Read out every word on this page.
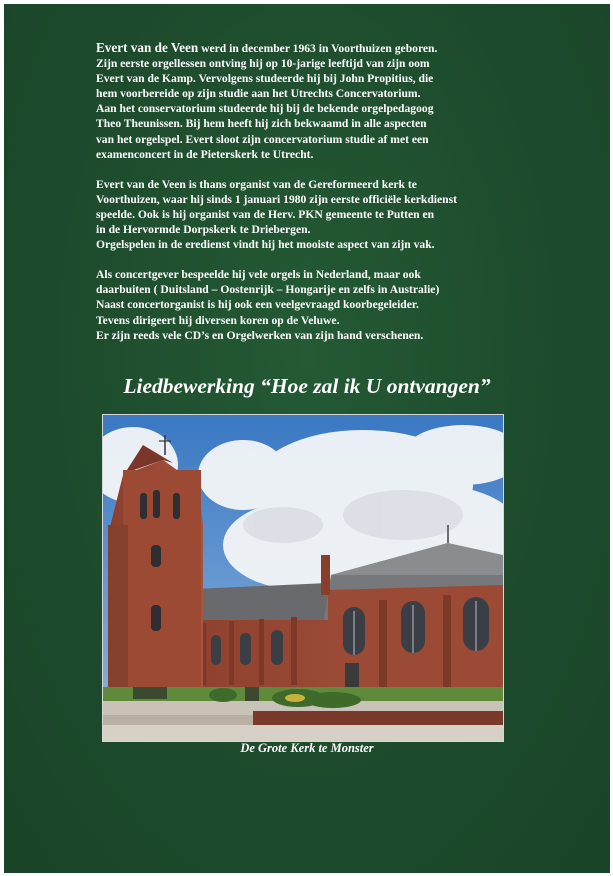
Evert van de Veen werd in december 1963 in Voorthuizen geboren.
Zijn eerste orgellessen ontving hij op 10-jarige leeftijd van zijn oom
Evert van de Kamp. Vervolgens studeerde hij bij John Propitius, die
hem voorbereide op zijn studie aan het Utrechts Concervatorium.
Aan het conservatorium studeerde hij bij de bekende orgelpedagoog
Theo Theunissen. Bij hem heeft hij zich bekwaamd in alle aspecten
van het orgelspel. Evert sloot zijn concervatorium studie af met een
examenconcert in de Pieterskerk te Utrecht.

Evert van de Veen is thans organist van de Gereformeerd kerk te
Voorthuizen, waar hij sinds 1 januari 1980 zijn eerste officiële kerkdienst
speelde. Ook is hij organist van de Herv. PKN gemeente te Putten en
in de Hervormde Dorpskerk te Driebergen.
Orgelspelen in de eredienst vindt hij het mooiste aspect van zijn vak.

Als concertgever bespeelde hij vele orgels in Nederland, maar ook
daarbuiten ( Duitsland – Oostenrijk – Hongarije en zelfs in Australie)
Naast concertorganist is hij ook een veelgevraagd koorbegeleider.
Tevens dirigeert hij diversen koren op de Veluwe.
Er zijn reeds vele CD’s en Orgelwerken van zijn hand verschenen.

Liedbewerking “Hoe zal ik U ontvangen”
De Grote Kerk te Monster
